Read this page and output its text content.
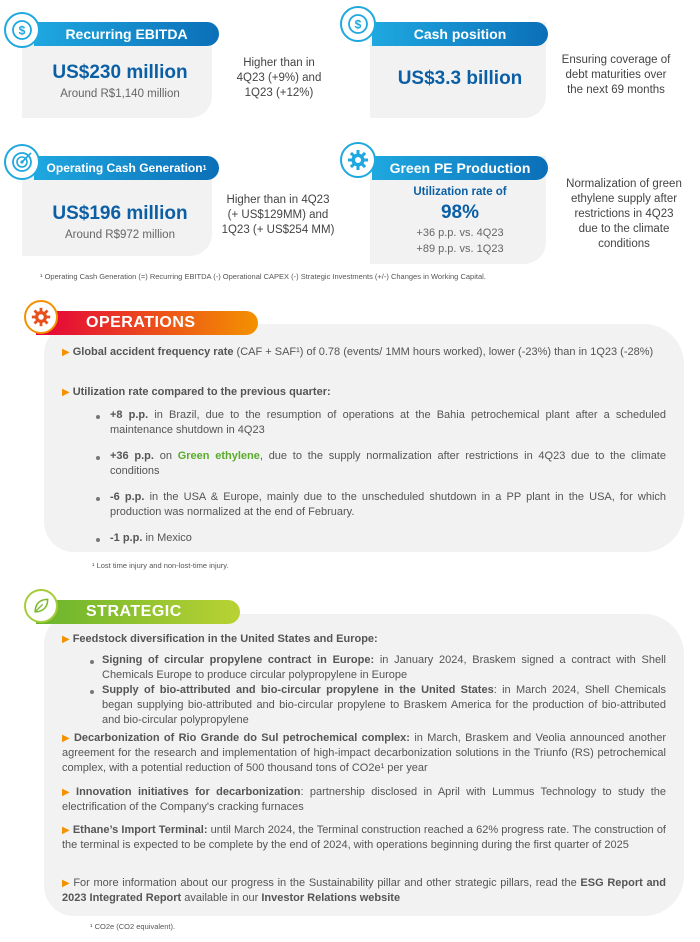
Recurring EBITDA
$
US$230 million
Around R$1,140 million
Higher than in
4Q23 (+9%) and
1Q23 (+12%)
Cash position
$
US$3.3 billion
Ensuring coverage of
debt maturities over
the next 69 months
Operating Cash Generation 1
US$196 million
Around R$972 million
Higher than in 4Q23
(+ US$129MM) and
1Q23 (+ US$254 MM)
Green PE Production
Utilization rate of
98%
+36 p.p. vs. 4Q23
+89 p.p. vs. 1Q23
Normalization of green
ethylene supply after
restrictions in 4Q23
due to the climate
conditions
¹ Operating Cash Generation (=) Recurring EBITDA (-) Operational CAPEX (-) Strategic Investments (+/-) Changes in Working Capital.
OPERATIONS
▶ Global accident frequency rate (CAF + SAF¹) of 0.78 (events/ 1MM hours worked), lower (-23%) than in 1Q23 (-28%)
▶ Utilization rate compared to the previous quarter:
+8 p.p. in Brazil, due to the resumption of operations at the Bahia petrochemical plant after a scheduled maintenance shutdown in 4Q23
+36 p.p. on Green ethylene, due to the supply normalization after restrictions in 4Q23 due to the climate conditions
-6 p.p. in the USA & Europe, mainly due to the unscheduled shutdown in a PP plant in the USA, for which production was normalized at the end of February.
-1 p.p. in Mexico
¹ Lost time injury and non-lost-time injury.
STRATEGIC
▶ Feedstock diversification in the United States and Europe:
Signing of circular propylene contract in Europe: in January 2024, Braskem signed a contract with Shell Chemicals Europe to produce circular polypropylene in Europe
Supply of bio-attributed and bio-circular propylene in the United States: in March 2024, Shell Chemicals began supplying bio-attributed and bio-circular propylene to Braskem America for the production of bio-attributed and bio-circular polypropylene
▶ Decarbonization of Rio Grande do Sul petrochemical complex: in March, Braskem and Veolia announced another agreement for the research and implementation of high-impact decarbonization solutions in the Triunfo (RS) petrochemical complex, with a potential reduction of 500 thousand tons of CO2e¹ per year
▶ Innovation initiatives for decarbonization: partnership disclosed in April with Lummus Technology to study the electrification of the Company's cracking furnaces
▶ Ethane’s Import Terminal: until March 2024, the Terminal construction reached a 62% progress rate. The construction of the terminal is expected to be complete by the end of 2024, with operations beginning during the first quarter of 2025
▶ For more information about our progress in the Sustainability pillar and other strategic pillars, read the ESG Report and 2023 Integrated Report available in our Investor Relations website
¹ CO2e (CO2 equivalent).
